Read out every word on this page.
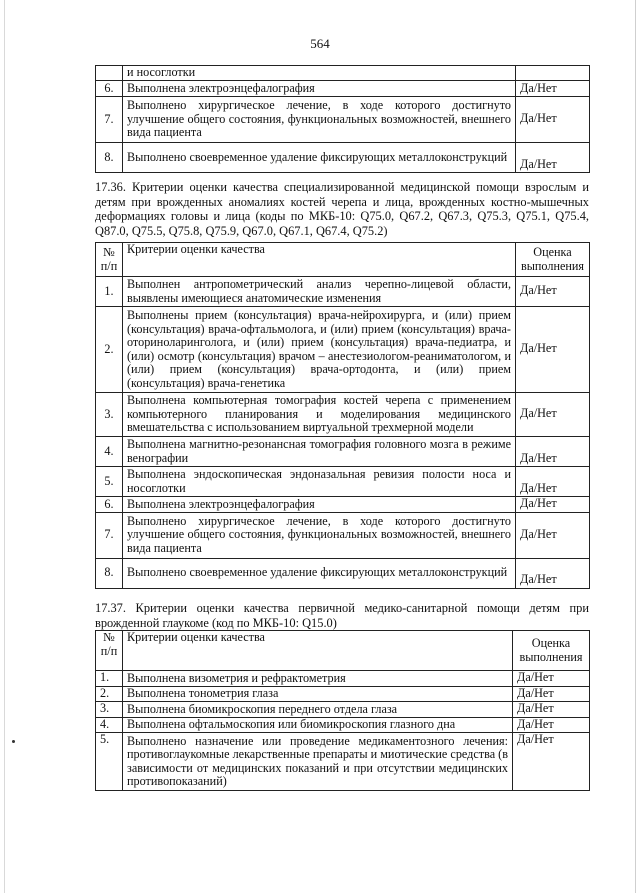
564
	и носоглотки	
6.	Выполнена электроэнцефалография	Да/Нет
7.	Выполнено хирургическое лечение, в ходе которого достигнуто улучшение общего состояния, функциональных возможностей, внешнего вида пациента	Да/Нет
8.	Выполнено своевременное удаление фиксирующих металлоконструкций	Да/Нет
17.36. Критерии оценки качества специализированной медицинской помощи взрослым и детям при врожденных аномалиях костей черепа и лица, врожденных костно-мышечных деформациях головы и лица (коды по МКБ-10: Q75.0, Q67.2, Q67.3, Q75.3, Q75.1, Q75.4, Q87.0, Q75.5, Q75.8, Q75.9, Q67.0, Q67.1, Q67.4, Q75.2)
№ п/п	Критерии оценки качества	Оценка выполнения
1.	Выполнен антропометрический анализ черепно-лицевой области, выявлены имеющиеся анатомические изменения	Да/Нет
2.	Выполнены прием (консультация) врача-нейрохирурга, и (или) прием (консультация) врача-офтальмолога, и (или) прием (консультация) врача-оториноларинголога, и (или) прием (консультация) врача-педиатра, и (или) осмотр (консультация) врачом – анестезиологом-реаниматологом, и (или) прием (консультация) врача-ортодонта, и (или) прием (консультация) врача-генетика	Да/Нет
3.	Выполнена компьютерная томография костей черепа с применением компьютерного планирования и моделирования медицинского вмешательства с использованием виртуальной трехмерной модели	Да/Нет
4.	Выполнена магнитно-резонансная томография головного мозга в режиме венографии	Да/Нет
5.	Выполнена эндоскопическая эндоназальная ревизия полости носа и носоглотки	Да/Нет
6.	Выполнена электроэнцефалография	Да/Нет
7.	Выполнено хирургическое лечение, в ходе которого достигнуто улучшение общего состояния, функциональных возможностей, внешнего вида пациента	Да/Нет
8.	Выполнено своевременное удаление фиксирующих металлоконструкций	Да/Нет
17.37. Критерии оценки качества первичной медико-санитарной помощи детям при врожденной глаукоме (код по МКБ-10: Q15.0)
№ п/п	Критерии оценки качества	Оценка выполнения
1.	Выполнена визометрия и рефрактометрия	Да/Нет
2.	Выполнена тонометрия глаза	Да/Нет
3.	Выполнена биомикроскопия переднего отдела глаза	Да/Нет
4.	Выполнена офтальмоскопия или биомикроскопия глазного дна	Да/Нет
5.	Выполнено назначение или проведение медикаментозного лечения: противоглаукомные лекарственные препараты и миотические средства (в зависимости от медицинских показаний и при отсутствии медицинских противопоказаний)	Да/Нет
